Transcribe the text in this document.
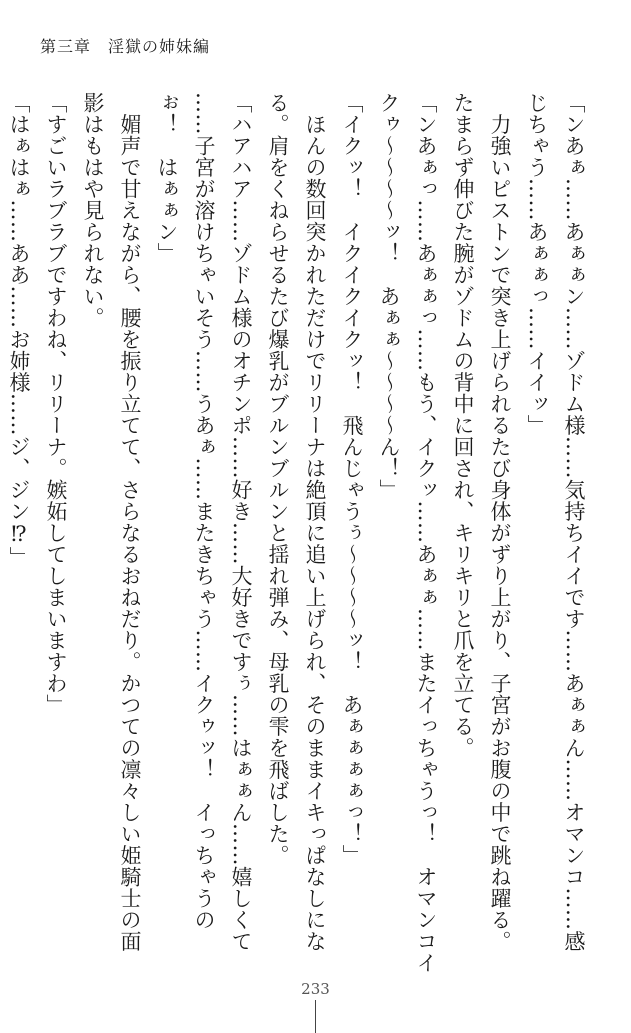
第三章　淫獄の姉妹編

「ンあぁ……あぁぁン……ゾドム様……気持ちイイです……あぁぁん……オマンコ……感

じちゃう……あぁぁっ……イイッ」

　力強いピストンで突き上げられるたび身体がずり上がり、子宮がお腹の中で跳ね躍る。

たまらず伸びた腕がゾドムの背中に回され、キリキリと爪を立てる。

「ンあぁっ……あぁぁっ……もう、イクッ……あぁぁ……またイっちゃうっ！　オマンコイ

クゥ〜〜〜〜ッ！　あぁぁ〜〜〜〜ん！」

「イクッ！　イクイクイクッ！　飛んじゃうぅ〜〜〜〜ッ！　あぁぁぁぁっ！」

　ほんの数回突かれただけでリリーナは絶頂に追い上げられ、そのままイキっぱなしにな

る。肩をくねらせるたび爆乳がブルンブルンと揺れ弾み、母乳の雫を飛ばした。

「ハアハア……ゾドム様のオチンポ……好き……大好きですぅ……はぁぁん……嬉しくて

……子宮が溶けちゃいそう……うあぁ……またきちゃう……イクゥッ！　イっちゃうの

ぉ！　はぁぁン」

　媚声で甘えながら、腰を振り立てて、さらなるおねだり。かつての凛々しい姫騎士の面

影はもはや見られない。

「すごいラブラブですわね、リリーナ。嫉妬してしまいますわ」

「はぁはぁ……ああ……お姉様……ジ、ジン⁉」

233
